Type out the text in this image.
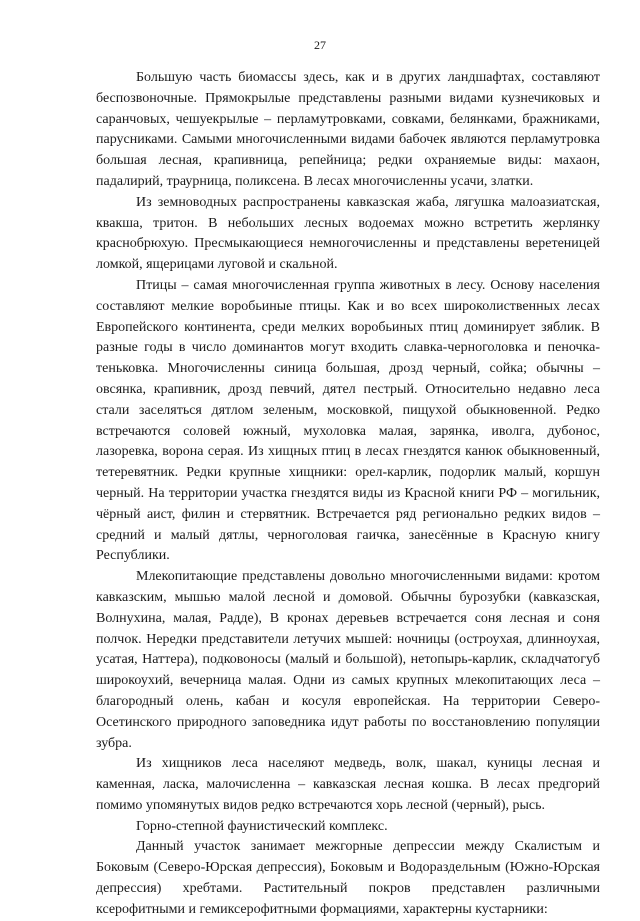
27

Большую часть биомассы здесь, как и в других ландшафтах, составляют беспозвоночные. Прямокрылые представлены разными видами кузнечиковых и саранчовых, чешуекрылые – перламутровками, совками, белянками, бражниками, парусниками. Самыми многочисленными видами бабочек являются перламутровка большая лесная, крапивница, репейница; редки охраняемые виды: махаон, падалирий, траурница, поликсена. В лесах многочисленны усачи, златки.

Из земноводных распространены кавказская жаба, лягушка малоазиатская, квакша, тритон. В небольших лесных водоемах можно встретить жерлянку краснобрюхую. Пресмыкающиеся немногочисленны и представлены веретеницей ломкой, ящерицами луговой и скальной.

Птицы – самая многочисленная группа животных в лесу. Основу населения составляют мелкие воробьиные птицы. Как и во всех широколиственных лесах Европейского континента, среди мелких воробьиных птиц доминирует зяблик. В разные годы в число доминантов могут входить славка-черноголовка и пеночка-теньковка. Многочисленны синица большая, дрозд черный, сойка; обычны – овсянка, крапивник, дрозд певчий, дятел пестрый. Относительно недавно леса стали заселяться дятлом зеленым, московкой, пищухой обыкновенной. Редко встречаются соловей южный, мухоловка малая, зарянка, иволга, дубонос, лазоревка, ворона серая. Из хищных птиц в лесах гнездятся канюк обыкновенный, тетеревятник. Редки крупные хищники: орел-карлик, подорлик малый, коршун черный. На территории участка гнездятся виды из Красной книги РФ – могильник, чёрный аист, филин и стервятник. Встречается ряд регионально редких видов – средний и малый дятлы, черноголовая гаичка, занесённые в Красную книгу Республики.

Млекопитающие представлены довольно многочисленными видами: кротом кавказским, мышью малой лесной и домовой. Обычны бурозубки (кавказская, Волнухина, малая, Радде), В кронах деревьев встречается соня лесная и соня полчок. Нередки представители летучих мышей: ночницы (остроухая, длинноухая, усатая, Наттера), подковоносы (малый и большой), нетопырь-карлик, складчатогуб широкоухий, вечерница малая. Одни из самых крупных млекопитающих леса – благородный олень, кабан и косуля европейская. На территории Северо-Осетинского природного заповедника идут работы по восстановлению популяции зубра.

Из хищников леса населяют медведь, волк, шакал, куницы лесная и каменная, ласка, малочисленна – кавказская лесная кошка. В лесах предгорий помимо упомянутых видов редко встречаются хорь лесной (черный), рысь.

Горно-степной фаунистический комплекс.

Данный участок занимает межгорные депрессии между Скалистым и Боковым (Северо-Юрская депрессия), Боковым и Водораздельным (Южно-Юрская депрессия) хребтами. Растительный покров представлен различными ксерофитными и гемиксерофитными формациями, характерны кустарники:
